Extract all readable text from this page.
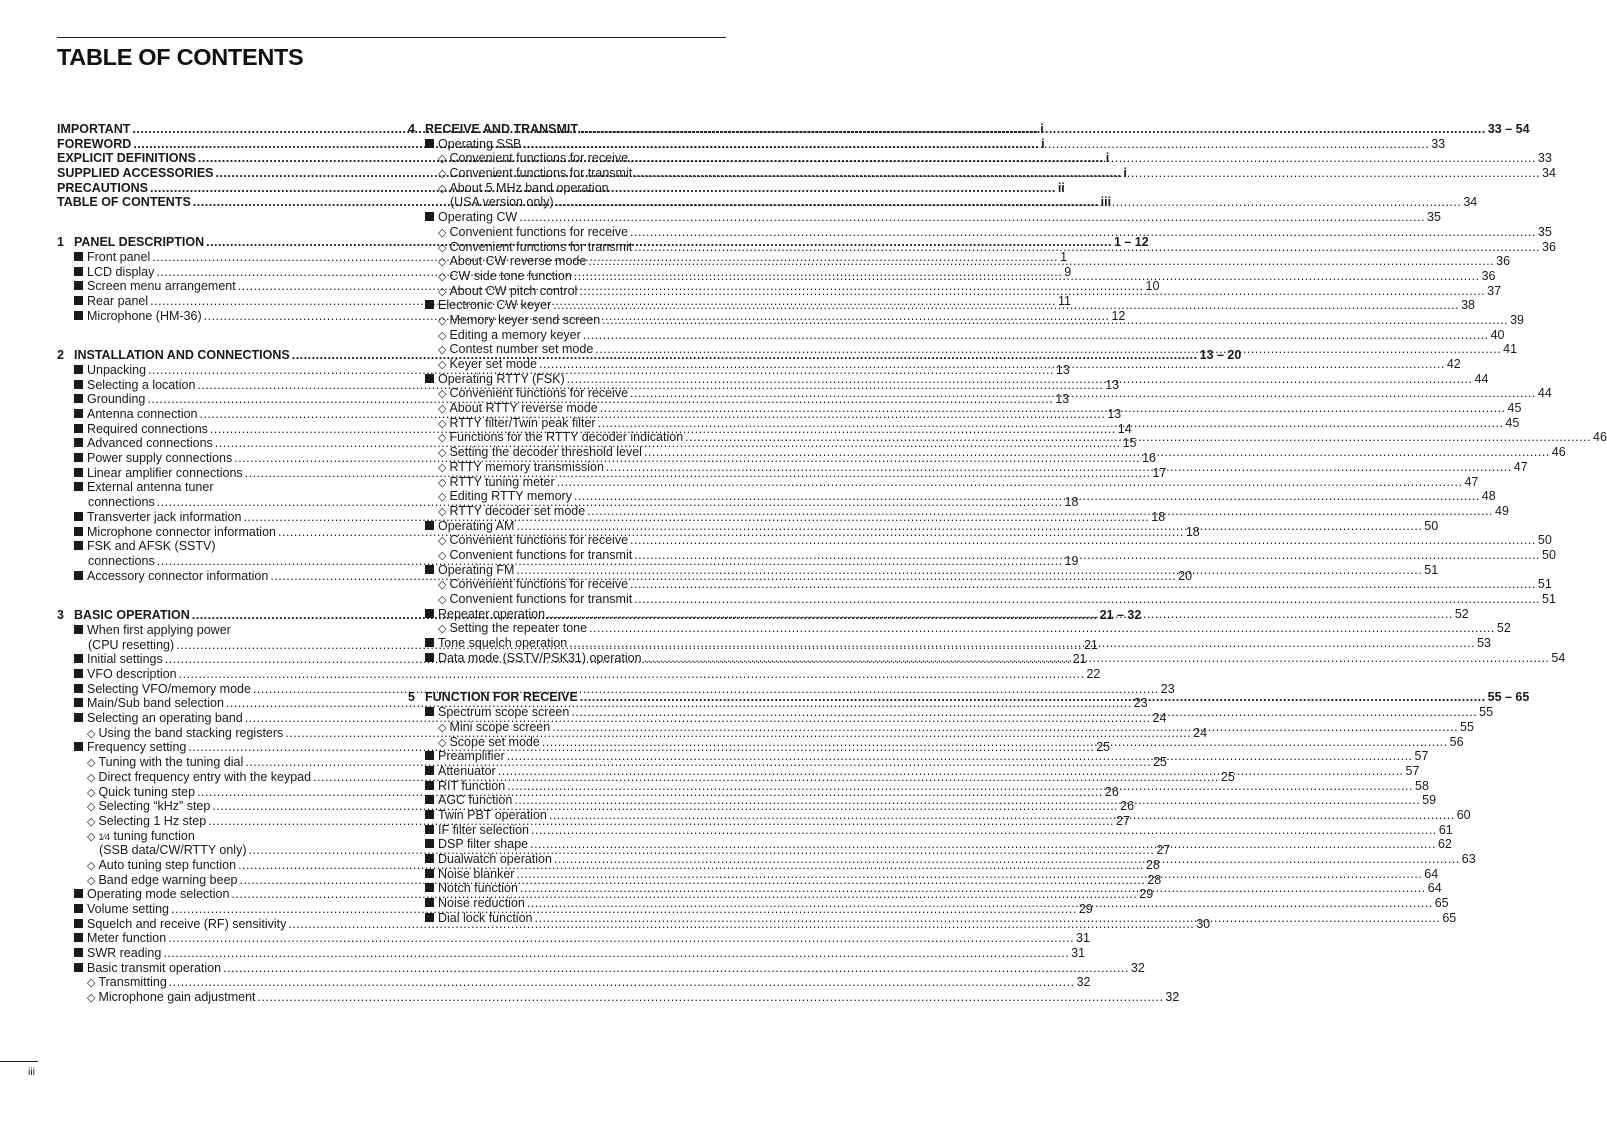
TABLE OF CONTENTS
IMPORTANT .....	i
FOREWORD .....	i
EXPLICIT DEFINITIONS .....	i
SUPPLIED ACCESSORIES .....	i
PRECAUTIONS .....	ii
TABLE OF CONTENTS .....	iii
1 PANEL DESCRIPTION .....	1 – 12
Front panel .....	1
LCD display .....	9
Screen menu arrangement .....	10
Rear panel .....	11
Microphone (HM-36) .....	12
2 INSTALLATION AND CONNECTIONS .....	13 – 20
Unpacking .....	13
Selecting a location .....	13
Grounding .....	13
Antenna connection .....	13
Required connections .....	14
Advanced connections .....	15
Power supply connections .....	16
Linear amplifier connections .....	17
External antenna tuner
connections .....	18
Transverter jack information .....	18
Microphone connector information .....	18
FSK and AFSK (SSTV)
connections .....	19
Accessory connector information .....	20
3 BASIC OPERATION .....	21 – 32
When first applying power
(CPU resetting) .....	21
Initial settings .....	21
VFO description .....	22
Selecting VFO/memory mode .....	23
Main/Sub band selection .....	23
Selecting an operating band .....	24
◇ Using the band stacking registers .....	24
Frequency setting .....	25
◇ Tuning with the tuning dial .....	25
◇ Direct frequency entry with the keypad .....	25
◇ Quick tuning step .....	26
◇ Selecting “kHz” step .....	26
◇ Selecting 1 Hz step .....	27
◇ 1⁄4 tuning function
(SSB data/CW/RTTY only) .....	27
◇ Auto tuning step function .....	28
◇ Band edge warning beep .....	28
Operating mode selection .....	29
Volume setting .....	29
Squelch and receive (RF) sensitivity .....	30
Meter function .....	31
SWR reading .....	31
Basic transmit operation .....	32
◇ Transmitting .....	32
◇ Microphone gain adjustment .....	32
4 RECEIVE AND TRANSMIT .....	33 – 54
Operating SSB .....	33
◇ Convenient functions for receive .....	33
◇ Convenient functions for transmit .....	34
◇ About 5 MHz band operation
(USA version only) .....	34
Operating CW .....	35
◇ Convenient functions for receive .....	35
◇ Convenient functions for transmit .....	36
◇ About CW reverse mode .....	36
◇ CW side tone function .....	36
◇ About CW pitch control .....	37
Electronic CW keyer .....	38
◇ Memory keyer send screen .....	39
◇ Editing a memory keyer .....	40
◇ Contest number set mode .....	41
◇ Keyer set mode .....	42
Operating RTTY (FSK) .....	44
◇ Convenient functions for receive .....	44
◇ About RTTY reverse mode .....	45
◇ RTTY filter/Twin peak filter .....	45
◇ Functions for the RTTY decoder indication .....	46
◇ Setting the decoder threshold level .....	46
◇ RTTY memory transmission .....	47
◇ RTTY tuning meter .....	47
◇ Editing RTTY memory .....	48
◇ RTTY decoder set mode .....	49
Operating AM .....	50
◇ Convenient functions for receive .....	50
◇ Convenient functions for transmit .....	50
Operating FM .....	51
◇ Convenient functions for receive .....	51
◇ Convenient functions for transmit .....	51
Repeater operation .....	52
◇ Setting the repeater tone .....	52
Tone squelch operation .....	53
Data mode (SSTV/PSK31) operation .....	54
5 FUNCTION FOR RECEIVE .....	55 – 65
Spectrum scope screen .....	55
◇ Mini scope screen .....	55
◇ Scope set mode .....	56
Preamplifier .....	57
Attenuator .....	57
RIT function .....	58
AGC function .....	59
Twin PBT operation .....	60
IF filter selection .....	61
DSP filter shape .....	62
Dualwatch operation .....	63
Noise blanker .....	64
Notch function .....	64
Noise reduction .....	65
Dial lock function .....	65
iii
